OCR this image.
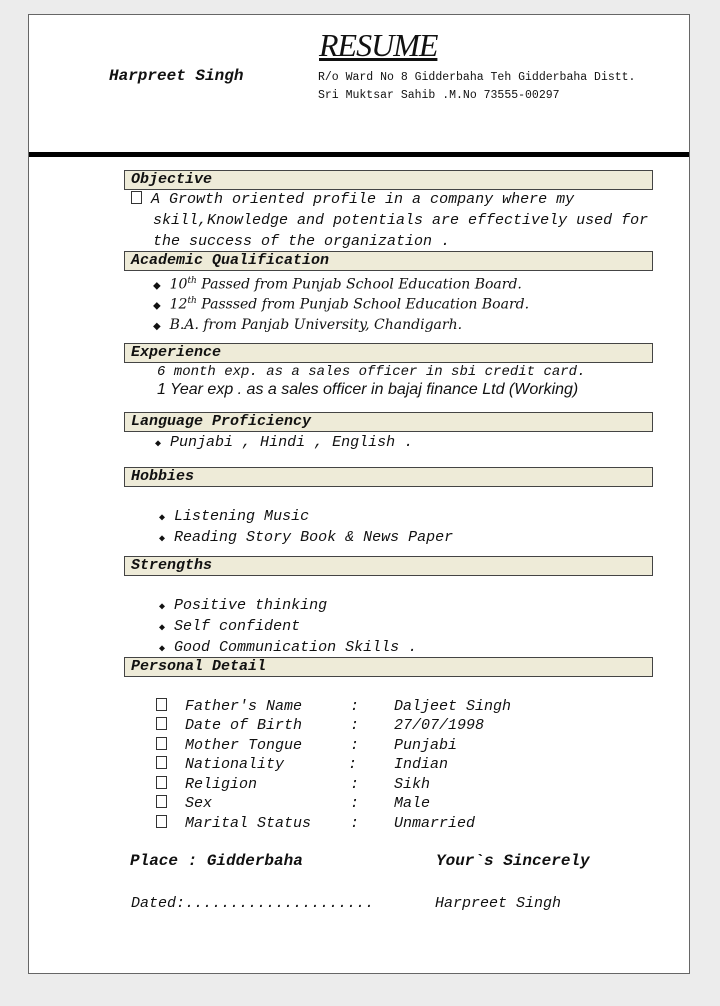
RESUME
Harpreet Singh	R/o Ward No 8 Gidderbaha Teh Gidderbaha Distt. Sri Muktsar Sahib .M.No 73555-00297
Objective
A Growth oriented profile in a company where my
skill,Knowledge and potentials are effectively used for
the success of the organization .
Academic Qualification
◆ 10th Passed from Punjab School Education Board.
◆ 12th Passsed from Punjab School Education Board.
◆ B.A. from Panjab University, Chandigarh.
Experience
6 month exp. as a sales officer in sbi credit card.
1 Year exp . as a sales officer in bajaj finance Ltd (Working)
Language Proficiency
◆ Punjabi , Hindi , English .
Hobbies
◆ Listening Music
◆ Reading Story Book & News Paper
Strengths
◆ Positive thinking
◆ Self confident
◆ Good Communication Skills .
Personal Detail
Father's Name	: Daljeet Singh
Date of Birth	: 27/07/1998
Mother Tongue	: Punjabi
Nationality	: Indian
Religion	: Sikh
Sex	: Male
Marital Status	: Unmarried
Place : Gidderbaha	Your`s Sincerely
Dated:.....................	Harpreet Singh
